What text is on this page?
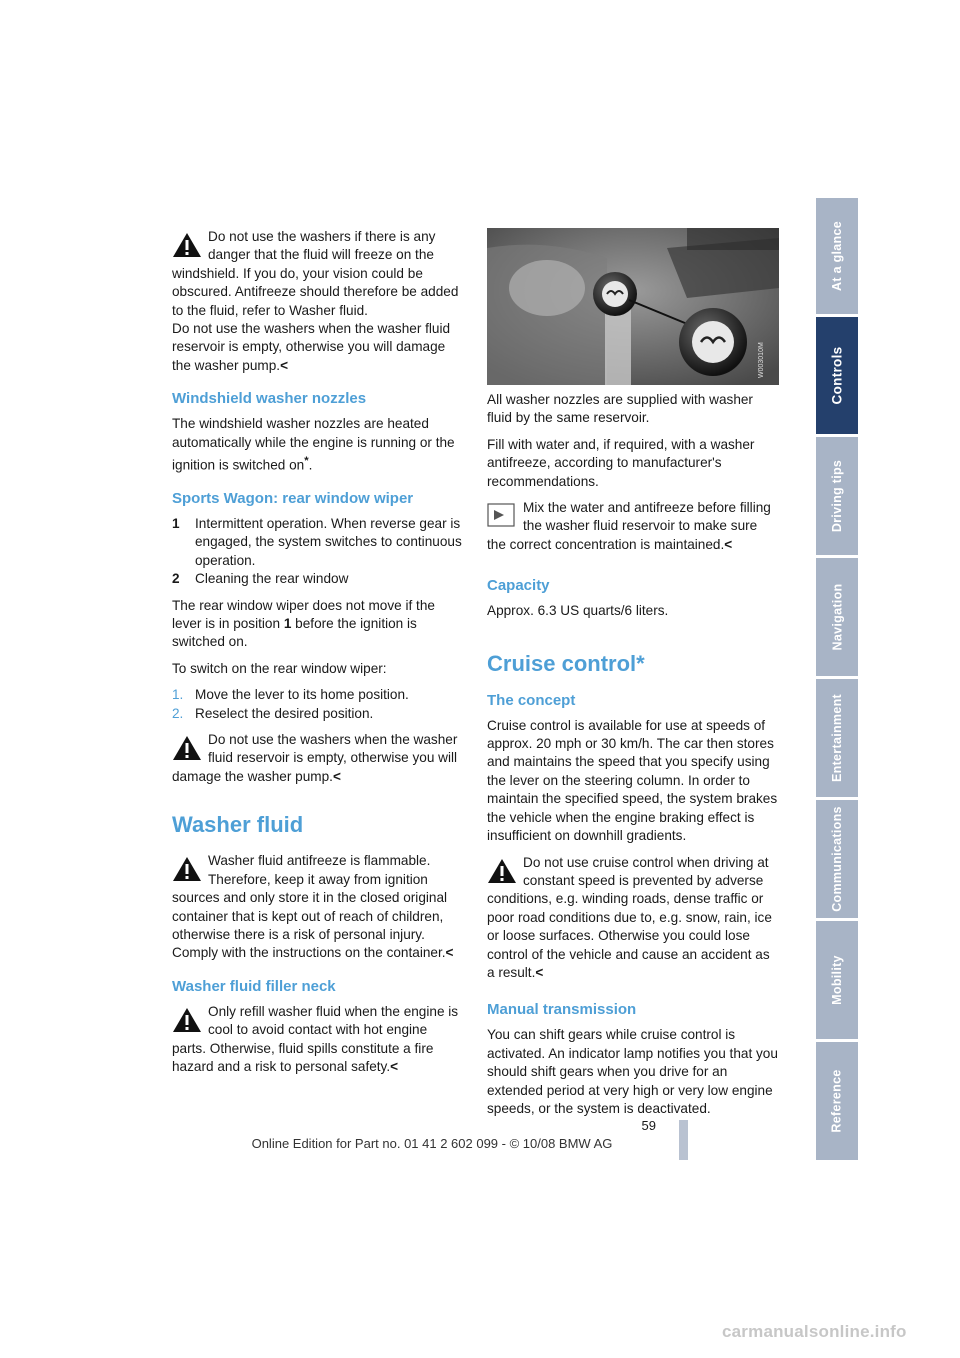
Do not use the washers if there is any danger that the fluid will freeze on the windshield. If you do, your vision could be obscured. Antifreeze should therefore be added to the fluid, refer to Washer fluid.
Do not use the washers when the washer fluid reservoir is empty, otherwise you will damage the washer pump.<
Windshield washer nozzles

The windshield washer nozzles are heated automatically while the engine is running or the ignition is switched on*.

Sports Wagon: rear window wiper
1	Intermittent operation. When reverse gear is engaged, the system switches to continuous operation.
2	Cleaning the rear window

The rear window wiper does not move if the lever is in position 1 before the ignition is switched on.

To switch on the rear window wiper:

1. Move the lever to its home position.
2. Reselect the desired position.
Do not use the washers when the washer fluid reservoir is empty, otherwise you will damage the washer pump.<
Washer fluid
Washer fluid antifreeze is flammable. Therefore, keep it away from ignition sources and only store it in the closed original container that is kept out of reach of children, otherwise there is a risk of personal injury. Comply with the instructions on the container.<
Washer fluid filler neck
Only refill washer fluid when the engine is cool to avoid contact with hot engine parts. Otherwise, fluid spills constitute a fire hazard and a risk to personal safety.<
W003010M

All washer nozzles are supplied with washer fluid by the same reservoir.

Fill with water and, if required, with a washer antifreeze, according to manufacturer's recommendations.

Mix the water and antifreeze before filling the washer fluid reservoir to make sure the correct concentration is maintained.<
Capacity

Approx. 6.3 US quarts/6 liters.

Cruise control*
The concept

Cruise control is available for use at speeds of approx. 20 mph or 30 km/h. The car then stores and maintains the speed that you specify using the lever on the steering column. In order to maintain the specified speed, the system brakes the vehicle when the engine braking effect is insufficient on downhill gradients.

Do not use cruise control when driving at constant speed is prevented by adverse conditions, e.g. winding roads, dense traffic or poor road conditions due to, e.g. snow, rain, ice or loose surfaces. Otherwise you could lose control of the vehicle and cause an accident as a result.<
Manual transmission

You can shift gears while cruise control is activated. An indicator lamp notifies you that you should shift gears when you drive for an extended period at very high or very low engine speeds, or the system is deactivated.

At a glance
Controls
Driving tips
Navigation
Entertainment
Communications
Mobility
Reference
59
Online Edition for Part no. 01 41 2 602 099 - © 10/08 BMW AG
carmanualsonline.info
